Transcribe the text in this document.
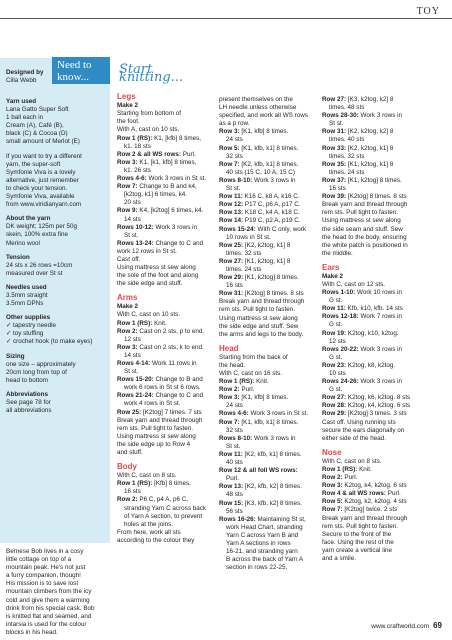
TOY
Need to
know...
Designed by
Cilla Webb
Yarn used
Lana Gatto Super Soft
1 ball each in
Cream (A), Café (B),
black (C) & Cocoa (D)
small amount of Merlot (E)
If you want to try a different
yarn, the super-soft
Symfonie Viva is a lovely
alternative, just remember
to check your tension.
Symfonie Viva, available
from www.viridianyarn.com
About the yarn
DK weight; 125m per 50g
skein, 100% extra fine
Merino wool
Tension
24 sts x 26 rows =10cm
measured over St st
Needles used
3.5mm straight
3.5mm DPNs
Other supplies
✓ tapestry needle
✓ toy stuffing
✓ crochet hook (to make eyes)
Sizing
one size – approximately
20cm long from top of
head to bottom
Abbreviations
See page 78 for
all abbreviations
Bernese Bob lives in a cosy
little cottage on top of a
mountain peak. He's not just
a furry companion, though!
His mission is to save lost
mountain climbers from the icy
cold and give them a warming
drink from his special cask. Bob
is knitted flat and seamed, and
intarsia is used for the colour
blocks in his head.
Start knitting...
Legs
Make 2
Starting from bottom of
the foot.
With A, cast on 10 sts.
Row 1 (RS): K1, [kfb] 8 times,
k1. 18 sts
Row 2 & all WS rows: Purl.
Row 3: K1, [k1, kfb] 8 times,
k1. 26 sts
Rows 4-6: Work 3 rows in St st.
Row 7: Change to B and k4,
[k2tog, k1] 6 times, k4.
20 sts
Row 9: K4, [k2tog] 6 times, k4.
14 sts
Rows 10-12: Work 3 rows in
St st.
Rows 13-24: Change to C and
work 12 rows in St st.
Cast off.
Using mattress st sew along
the sole of the foot and along
the side edge and stuff.
Arms
Make 2
With C, cast on 10 sts.
Row 1 (RS): Knit.
Row 2: Cast on 2 sts, p to end.
12 sts
Row 3: Cast on 2 sts, k to end.
14 sts
Rows 4-14: Work 11 rows in
St st.
Rows 15-20: Change to B and
work 6 rows in St st 6 rows.
Rows 21-24: Change to C and
work 4 rows in St st.
Row 25: [K2tog] 7 times. 7 sts
Break yarn and thread through
rem sts. Pull tight to fasten.
Using mattress st sew along
the side edge up to Row 4
and stuff.
Body
With C, cast on 8 sts.
Row 1 (RS): [Kfb] 8 times.
16 sts
Row 2: P6 C, p4 A, p6 C,
stranding Yarn C across back
of Yarn A section, to prevent
holes at the joins.
From here, work all sts
according to the colour they
present themselves on the
LH needle unless otherwise
specified, and work all WS rows
as a p row.
Row 3: [K1, kfb] 8 times.
24 sts
Row 5: [K1, kfb, k1] 8 times.
32 sts
Row 7: [K2, kfb, k1] 8 times.
40 sts (15 C, 10 A, 15 C)
Rows 8-10: Work 3 rows in
St st.
Row 11: K16 C, k8 A, k16 C.
Row 12: P17 C, p6 A, p17 C.
Row 13: K18 C, k4 A, k18 C.
Row 14: P19 C, p2 A, p19 C.
Rows 15-24: With C only, work
10 rows in St st.
Row 25: [K2, k2tog, k1] 8
times. 32 sts
Row 27: [K1, k2tog, k1] 8
times. 24 sts
Row 29: [K1, k2tog] 8 times.
16 sts
Row 31: [K2tog] 8 times. 8 sts
Break yarn and thread through
rem sts. Pull tight to fasten.
Using mattress st sew along
the side edge and stuff. Sew
the arms and legs to the body.
Head
Starting from the back of
the head.
With C, cast on 16 sts.
Row 1 (RS): Knit.
Row 2: Purl.
Row 3: [K1, kfb] 8 times.
24 sts
Rows 4-6: Work 3 rows in St st.
Row 7: [K1, kfb, k1] 8 times.
32 sts
Rows 8-10: Work 3 rows in
St st.
Row 11: [K2, kfb, k1] 8 times.
40 sts
Row 12 & all foll WS rows:
Purl.
Row 13: [K2, kfb, k2] 8 times.
48 sts
Row 15: [K3, kfb, k2] 8 times.
56 sts
Rows 16-26: Maintaining St st,
work Head Chart, stranding
Yarn C across Yarn B and
Yarn A sections in rows
16-21, and stranding yarn
B across the back of Yarn A
section in rows 22-25.
Row 27: [K3, k2tog, k2] 8
times. 48 sts
Rows 28-30: Work 3 rows in
St st.
Row 31: [K2, k2tog, k2] 8
times. 40 sts
Row 33: [K2, k2tog, k1] 8
times. 32 sts
Row 35: [K1, k2tog, k1] 8
times. 24 sts
Row 37: [K1, k2tog] 8 times.
16 sts
Row 39: [K2tog] 8 times. 8 sts
Break yarn and thread through
rem sts. Pull tight to fasten.
Using mattress st sew along
the side seam and stuff. Sew
the head to the body, ensuring
the white patch is positioned in
the middle.
Ears
Make 2
With C, cast on 12 sts.
Rows 1-10: Work 10 rows in
G st.
Row 11: Kfb, k10, kfb. 14 sts
Rows 12-18: Work 7 rows in
G st.
Row 19: K2tog, k10, k2tog.
12 sts
Rows 20-22: Work 3 rows in
G st.
Row 23: K2tog, k8, k2tog.
10 sts
Rows 24-26: Work 3 rows in
G st.
Row 27: K2tog, k6, k2tog. 8 sts
Row 28: K2tog, k4, k2tog. 6 sts
Row 29: [K2tog] 3 times. 3 sts
Cast off. Using running sts
secure the ears diagonally on
either side of the head.
Nose
With C, cast on 8 sts.
Row 1 (RS): Knit.
Row 2: Purl.
Row 3: K2tog, k4, k2tog. 6 sts
Row 4 & all WS rows: Purl.
Row 5: K2tog, k2, k2tog. 4 sts
Row 7: [K2tog] twice. 2 sts
Break yarn and thread through
rem sts. Pull tight to fasten.
Secure to the front of the
face. Using the rest of the
yarn create a vertical line
and a smile.
www.craftworld.com 69
